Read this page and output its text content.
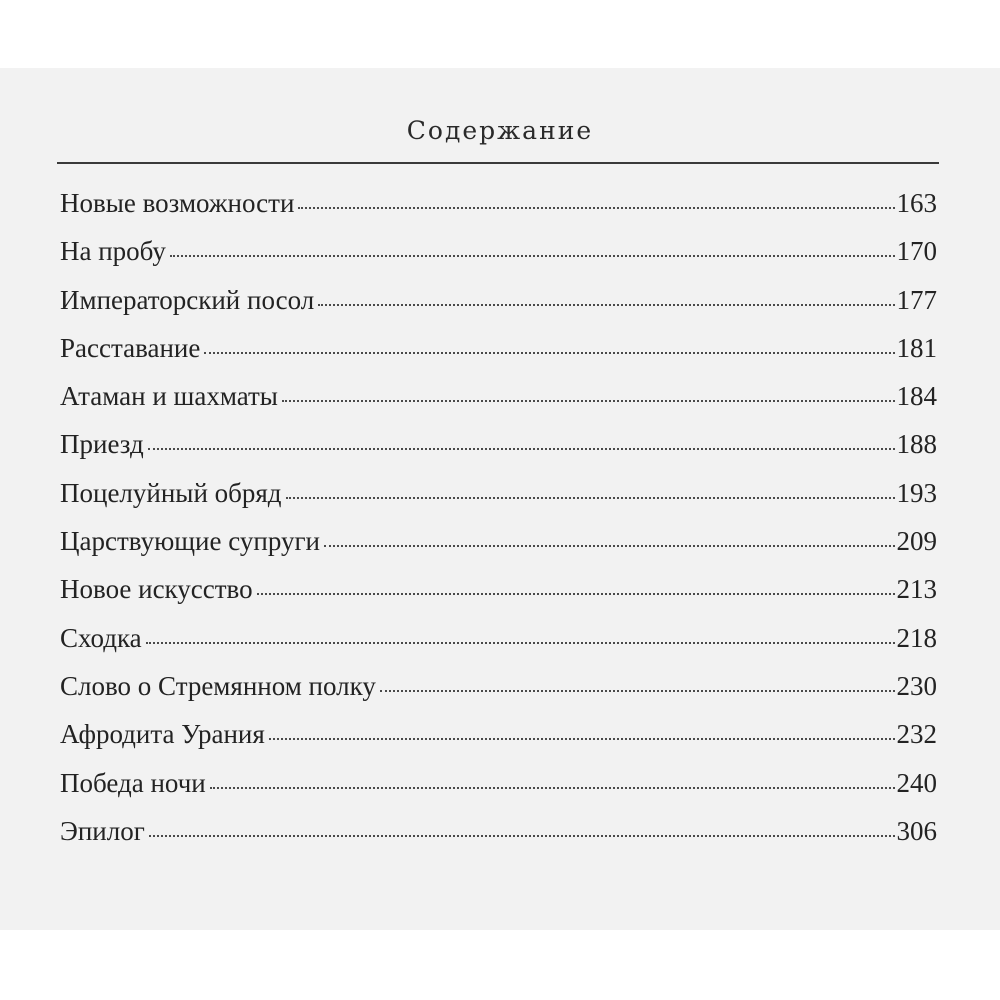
Содержание
Новые возможности	163
На пробу	170
Императорский посол	177
Расставание	181
Атаман и шахматы	184
Приезд	188
Поцелуйный обряд	193
Царствующие супруги	209
Новое искусство	213
Сходка	218
Слово о Стремянном полку	230
Афродита Урания	232
Победа ночи	240
Эпилог	306
